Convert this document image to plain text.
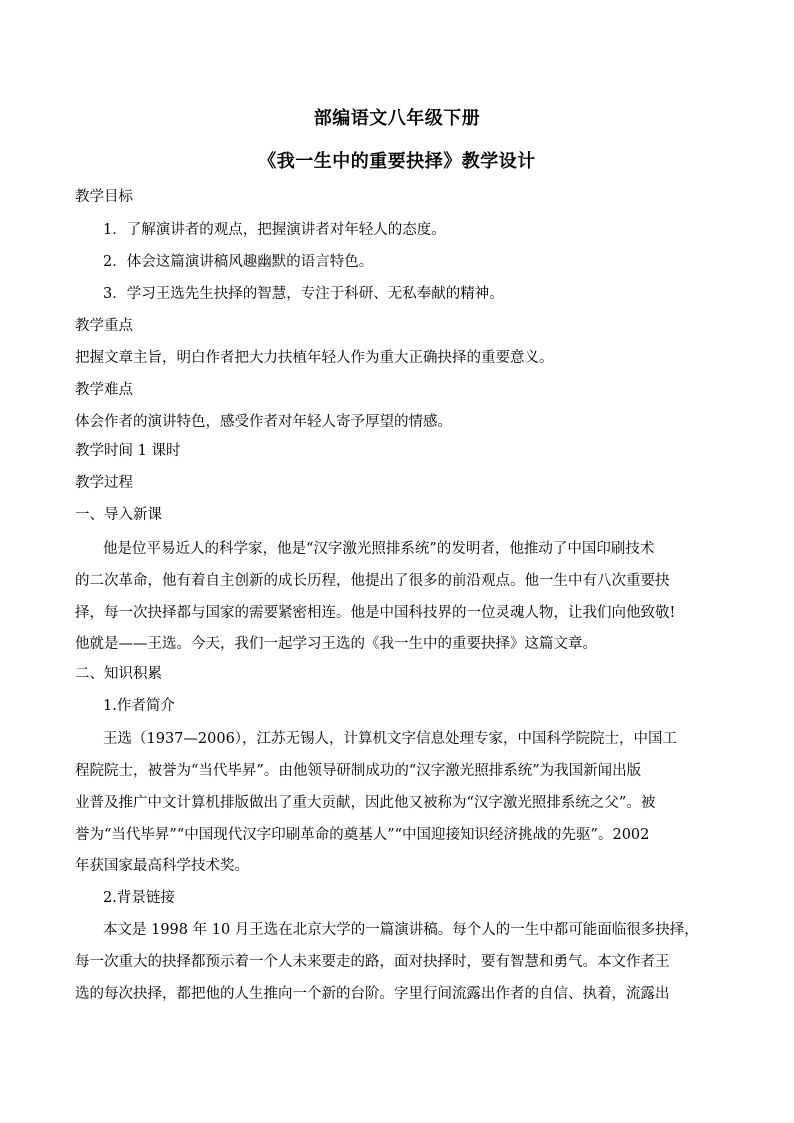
部编语文八年级下册
《我一生中的重要抉择》教学设计
教学目标
1．了解演讲者的观点，把握演讲者对年轻人的态度。
2．体会这篇演讲稿风趣幽默的语言特色。
3．学习王选先生抉择的智慧，专注于科研、无私奉献的精神。
教学重点
把握文章主旨，明白作者把大力扶植年轻人作为重大正确抉择的重要意义。
教学难点
体会作者的演讲特色，感受作者对年轻人寄予厚望的情感。
教学时间 1 课时
教学过程
一、导入新课
他是位平易近人的科学家，他是“汉字激光照排系统”的发明者，他推动了中国印刷技术
的二次革命，他有着自主创新的成长历程，他提出了很多的前沿观点。他一生中有八次重要抉
择，每一次抉择都与国家的需要紧密相连。他是中国科技界的一位灵魂人物，让我们向他致敬!
他就是——王选。今天，我们一起学习王选的《我一生中的重要抉择》这篇文章。
二、知识积累
1.作者简介
王选（1937—2006），江苏无锡人，计算机文字信息处理专家，中国科学院院士，中国工
程院院士，被誉为“当代毕昇”。由他领导研制成功的“汉字激光照排系统”为我国新闻出版
业普及推广中文计算机排版做出了重大贡献，因此他又被称为“汉字激光照排系统之父”。被
誉为“当代毕昇”“中国现代汉字印刷革命的奠基人”“中国迎接知识经济挑战的先驱”。2002
年获国家最高科学技术奖。
2.背景链接
本文是 1998 年 10 月王选在北京大学的一篇演讲稿。每个人的一生中都可能面临很多抉择，
每一次重大的抉择都预示着一个人未来要走的路，面对抉择时，要有智慧和勇气。本文作者王
选的每次抉择，都把他的人生推向一个新的台阶。字里行间流露出作者的自信、执着，流露出
